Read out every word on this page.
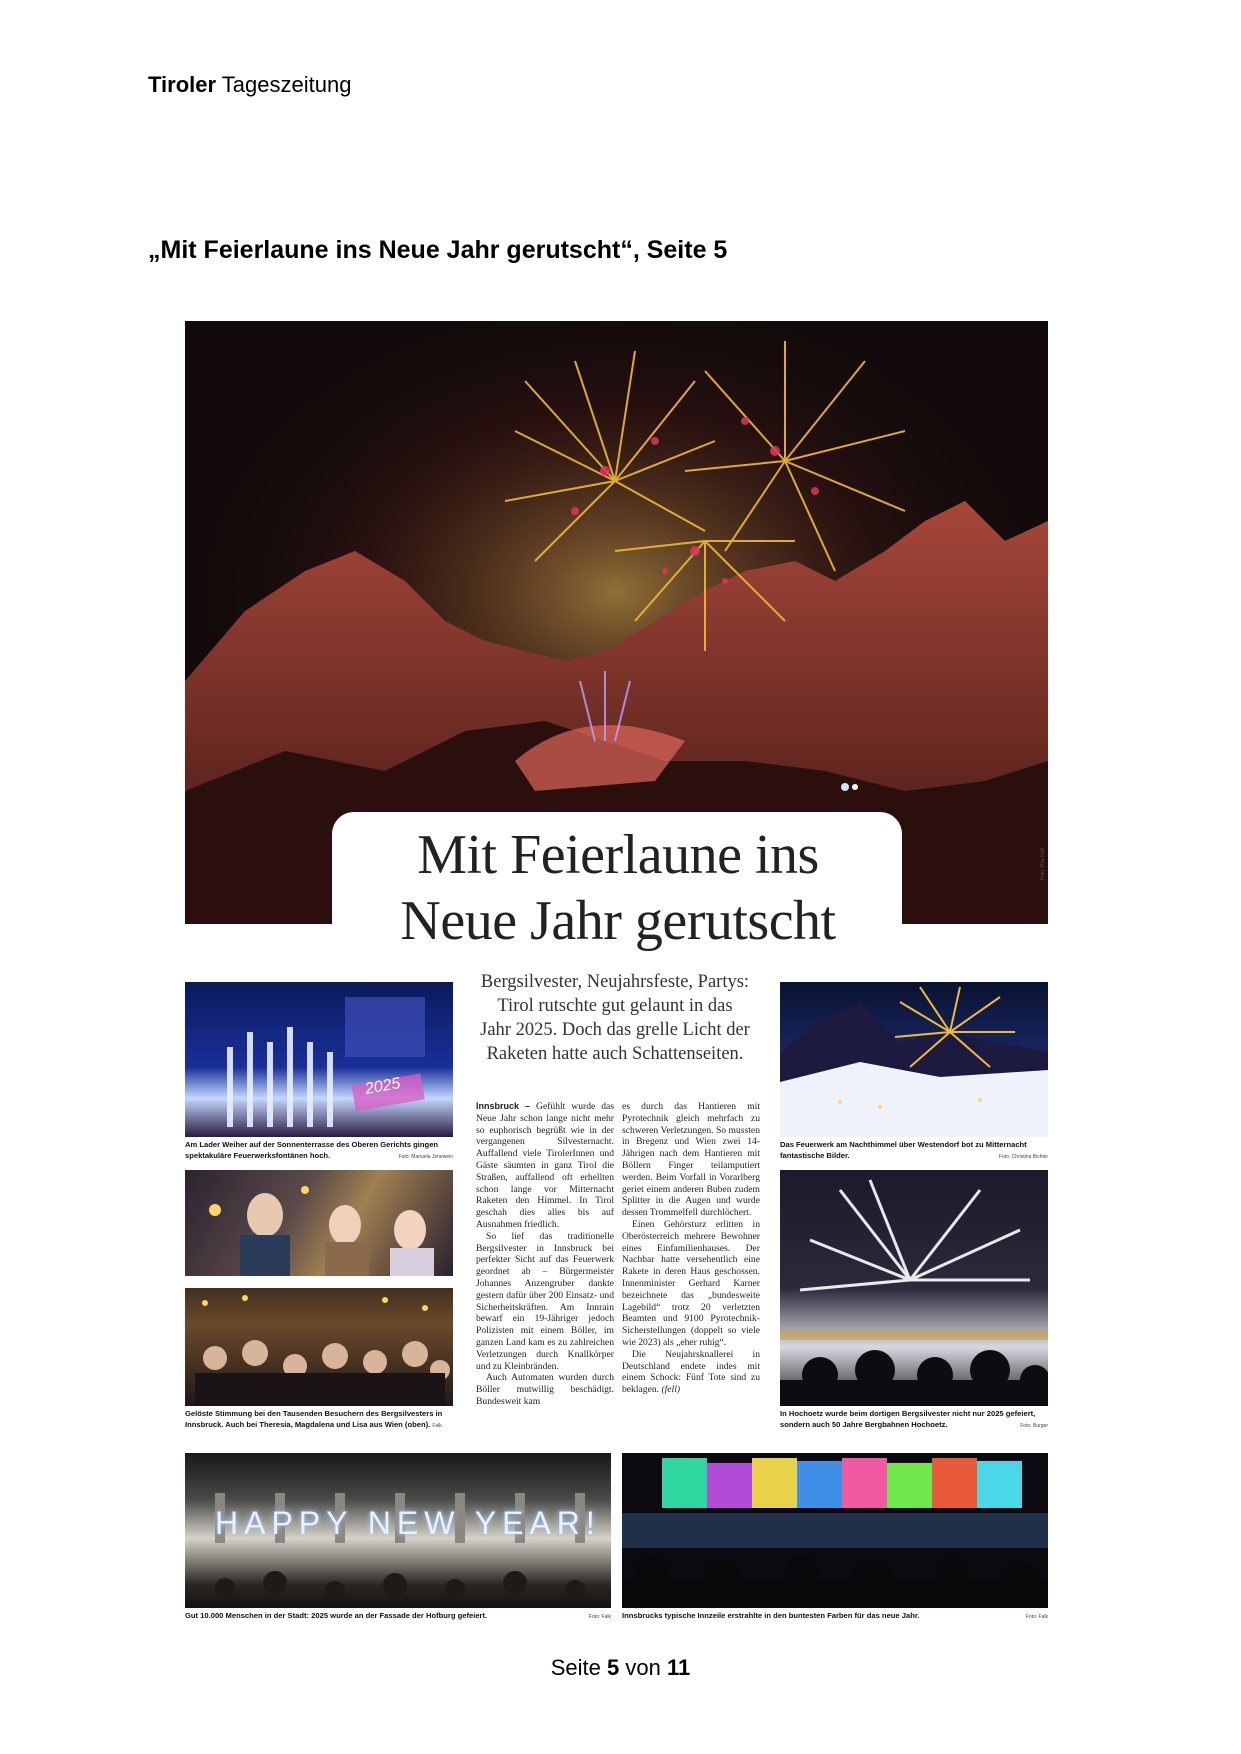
Tiroler Tageszeitung
„Mit Feierlaune ins Neue Jahr gerutscht“, Seite 5
Foto: Rita Falk
Mit Feierlaune ins
Neue Jahr gerutscht
Bergsilvester, Neujahrsfeste, Partys: Tirol rutschte gut gelaunt in das Jahr 2025. Doch das grelle Licht der Raketen hatte auch Schattenseiten.
2025
Am Lader Weiher auf der Sonnenterrasse des Oberen Gerichts gingen spektakuläre Feuerwerksfontänen hoch.	Foto: Manuela Jenewein
Gelöste Stimmung bei den Tausenden Besuchern des Bergsilvesters in Innsbruck. Auch bei Theresia, Magdalena und Lisa aus Wien (oben). Falk

Innsbruck – Gefühlt wurde das Neue Jahr schon lange nicht mehr so euphorisch begrüßt wie in der vergangenen Silvesternacht. Auffallend viele TirolerInnen und Gäste säumten in ganz Tirol die Straßen, auffallend oft erhellten schon lange vor Mitternacht Raketen den Himmel. In Tirol geschah dies alles bis auf Ausnahmen friedlich.

So lief das traditionelle Bergsilvester in Innsbruck bei perfekter Sicht auf das Feuerwerk geordnet ab – Bürgermeister Johannes Anzengruber dankte gestern dafür über 200 Einsatz- und Sicherheitskräften. Am Innrain bewarf ein 19-Jähriger jedoch Polizisten mit einem Böller, im ganzen Land kam es zu zahlreichen Verletzungen durch Knallkörper und zu Kleinbränden.

Auch Automaten wurden durch Böller mutwillig beschädigt. Bundesweit kam

es durch das Hantieren mit Pyrotechnik gleich mehrfach zu schweren Verletzungen. So mussten in Bregenz und Wien zwei 14-Jährigen nach dem Hantieren mit Böllern Finger teilamputiert werden. Beim Vorfall in Vorarlberg geriet einem anderen Buben zudem Splitter in die Augen und wurde dessen Trommelfell durchlöchert.

Einen Gehörsturz erlitten in Oberösterreich mehrere Bewohner eines Einfamilienhauses. Der Nachbar hatte versehentlich eine Rakete in deren Haus geschossen. Innenminister Gerhard Karner bezeichnete das „bundesweite Lagebild“ trotz 20 verletzten Beamten und 9100 Pyrotechnik-Sicherstellungen (doppelt so viele wie 2023) als „eher ruhig“.

Die Neujahrsknallerei in Deutschland endete indes mit einem Schock: Fünf Tote sind zu beklagen. (fell)

Das Feuerwerk am Nachthimmel über Westendorf bot zu Mitternacht fantastische Bilder.	Foto: Christina Bichler
In Hochoetz wurde beim dortigen Bergsilvester nicht nur 2025 gefeiert, sondern auch 50 Jahre Bergbahnen Hochoetz.	Foto: Burger
HAPPY NEW YEAR!
Gut 10.000 Menschen in der Stadt: 2025 wurde an der Fassade der Hofburg gefeiert.	Foto: Falk Innsbrucks typische Innzeile erstrahlte in den buntesten Farben für das neue Jahr.	Foto: Falk
Seite 5 von 11
